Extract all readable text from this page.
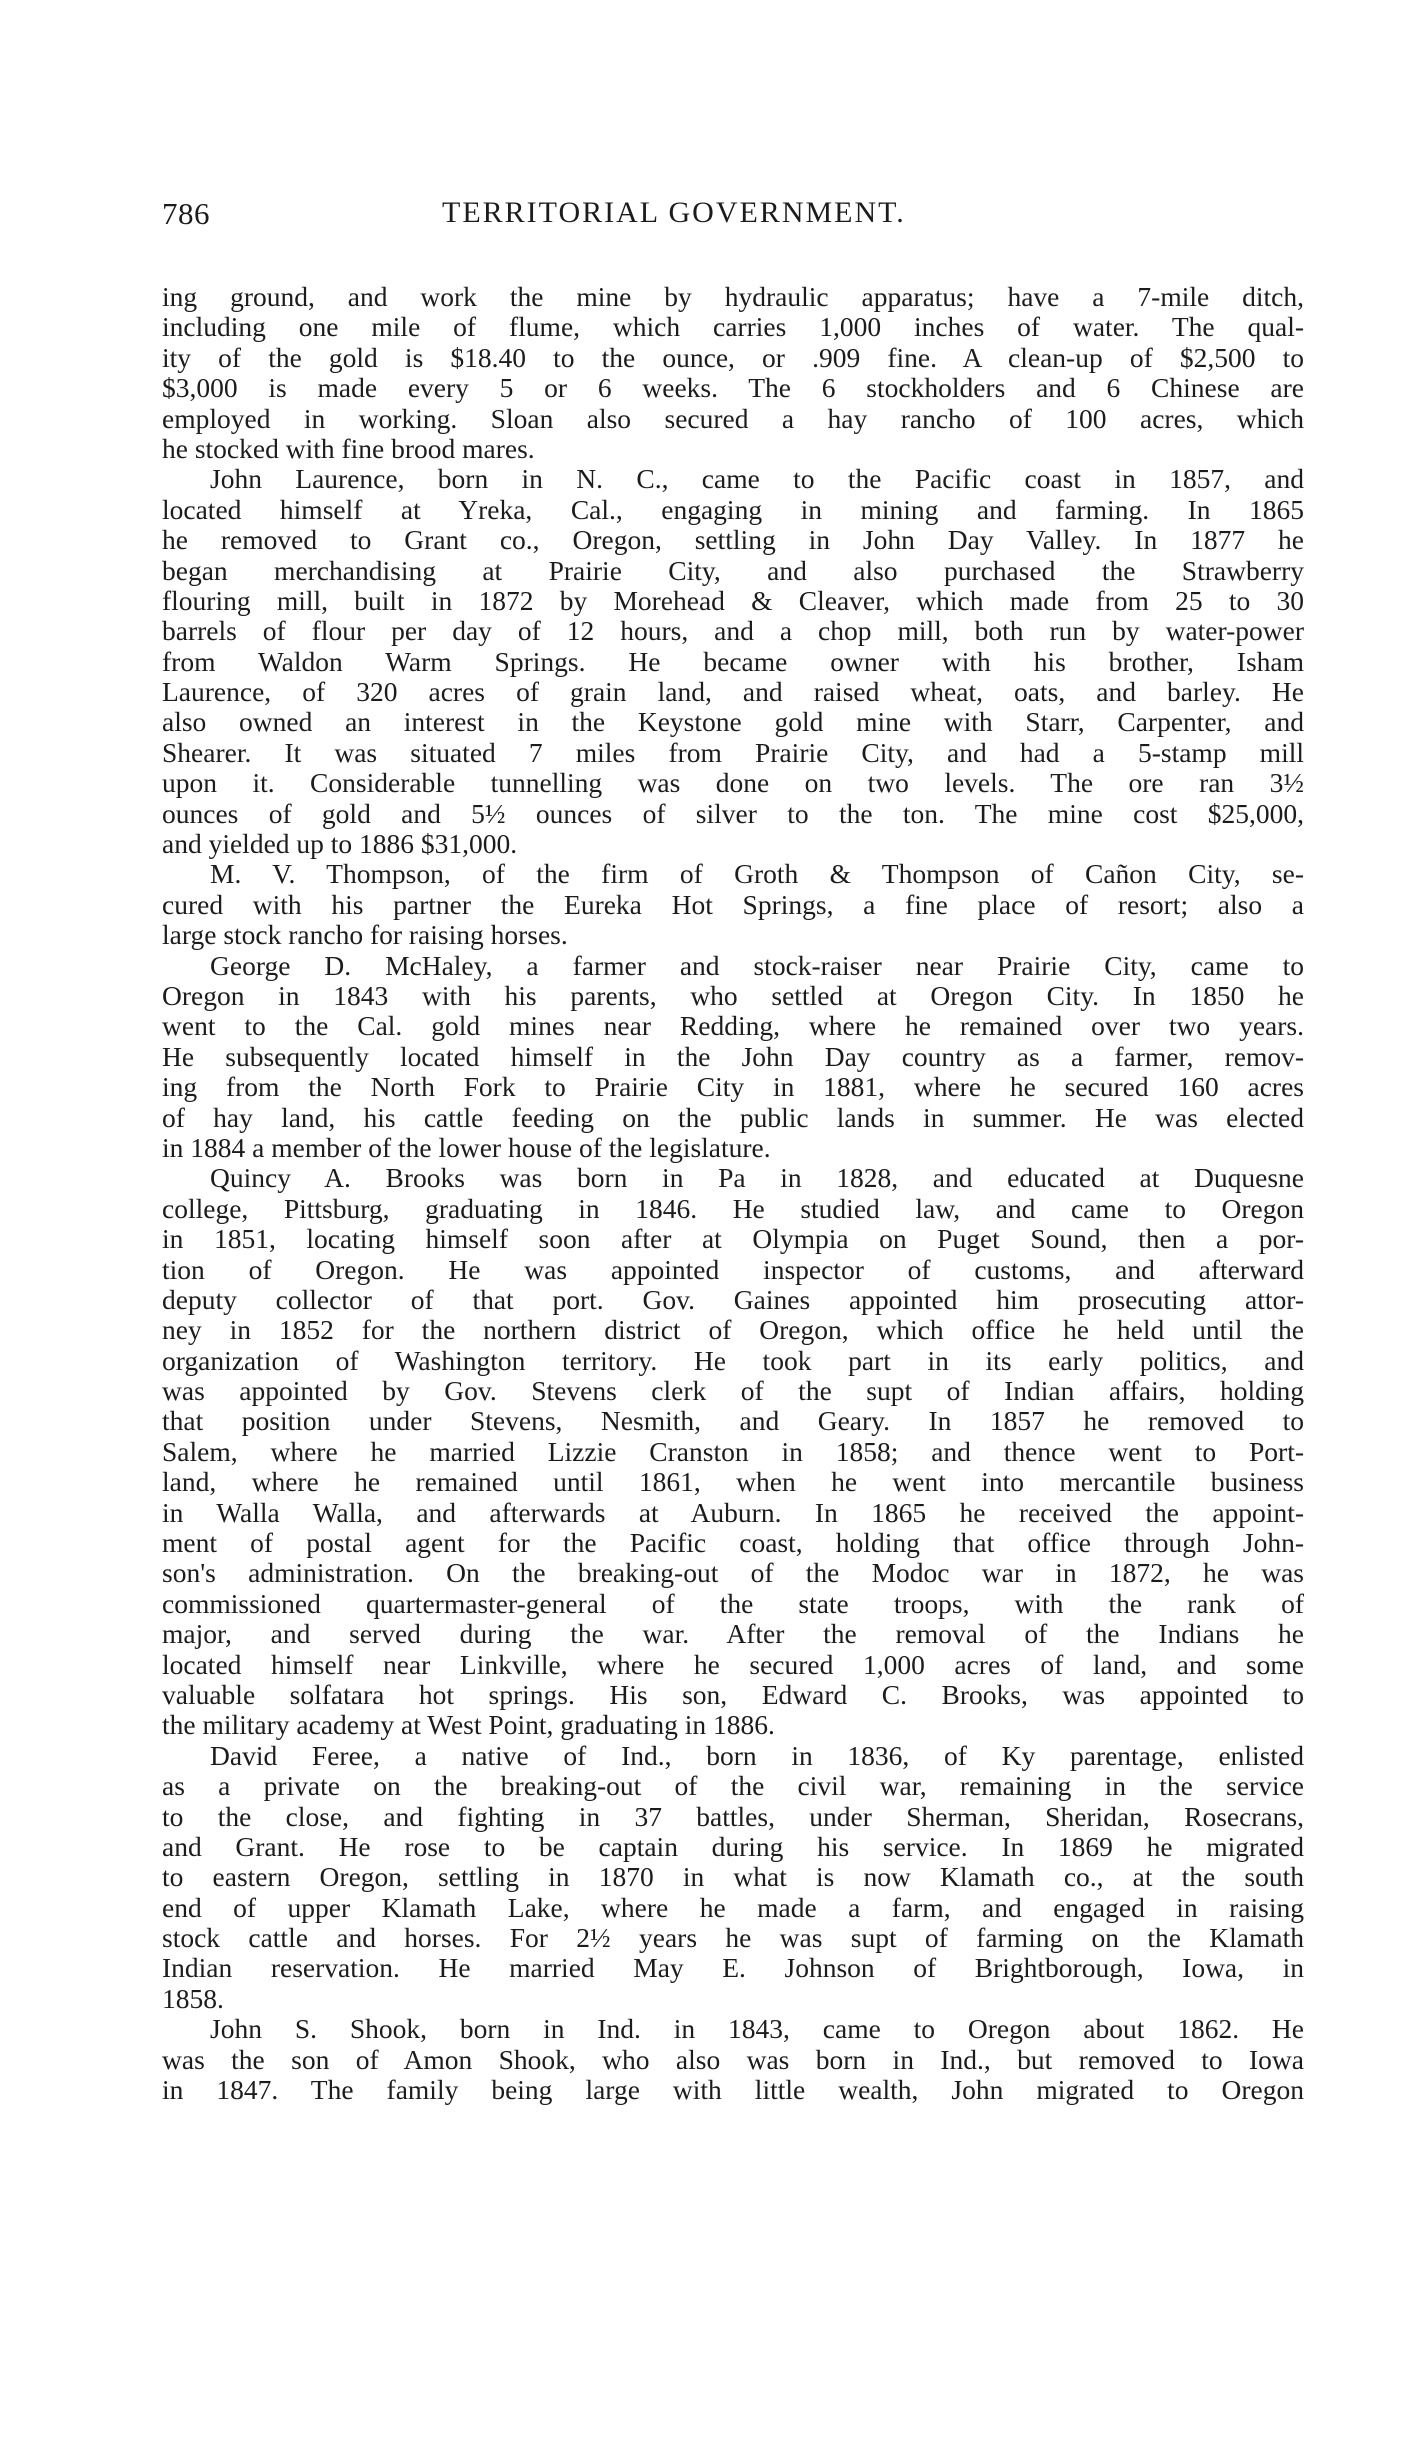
786	TERRITORIAL GOVERNMENT.
ing ground, and work the mine by hydraulic apparatus; have a 7-mile ditch,
including one mile of flume, which carries 1,000 inches of water. The qual-
ity of the gold is $18.40 to the ounce, or .909 fine. A clean-up of $2,500 to
$3,000 is made every 5 or 6 weeks. The 6 stockholders and 6 Chinese are
employed in working. Sloan also secured a hay rancho of 100 acres, which
he stocked with fine brood mares.
John Laurence, born in N. C., came to the Pacific coast in 1857, and
located himself at Yreka, Cal., engaging in mining and farming. In 1865
he removed to Grant co., Oregon, settling in John Day Valley. In 1877 he
began merchandising at Prairie City, and also purchased the Strawberry
flouring mill, built in 1872 by Morehead & Cleaver, which made from 25 to 30
barrels of flour per day of 12 hours, and a chop mill, both run by water-power
from Waldon Warm Springs. He became owner with his brother, Isham
Laurence, of 320 acres of grain land, and raised wheat, oats, and barley. He
also owned an interest in the Keystone gold mine with Starr, Carpenter, and
Shearer. It was situated 7 miles from Prairie City, and had a 5-stamp mill
upon it. Considerable tunnelling was done on two levels. The ore ran 3½
ounces of gold and 5½ ounces of silver to the ton. The mine cost $25,000,
and yielded up to 1886 $31,000.
M. V. Thompson, of the firm of Groth & Thompson of Cañon City, se-
cured with his partner the Eureka Hot Springs, a fine place of resort; also a
large stock rancho for raising horses.
George D. McHaley, a farmer and stock-raiser near Prairie City, came to
Oregon in 1843 with his parents, who settled at Oregon City. In 1850 he
went to the Cal. gold mines near Redding, where he remained over two years.
He subsequently located himself in the John Day country as a farmer, remov-
ing from the North Fork to Prairie City in 1881, where he secured 160 acres
of hay land, his cattle feeding on the public lands in summer. He was elected
in 1884 a member of the lower house of the legislature.
Quincy A. Brooks was born in Pa in 1828, and educated at Duquesne
college, Pittsburg, graduating in 1846. He studied law, and came to Oregon
in 1851, locating himself soon after at Olympia on Puget Sound, then a por-
tion of Oregon. He was appointed inspector of customs, and afterward
deputy collector of that port. Gov. Gaines appointed him prosecuting attor-
ney in 1852 for the northern district of Oregon, which office he held until the
organization of Washington territory. He took part in its early politics, and
was appointed by Gov. Stevens clerk of the supt of Indian affairs, holding
that position under Stevens, Nesmith, and Geary. In 1857 he removed to
Salem, where he married Lizzie Cranston in 1858; and thence went to Port-
land, where he remained until 1861, when he went into mercantile business
in Walla Walla, and afterwards at Auburn. In 1865 he received the appoint-
ment of postal agent for the Pacific coast, holding that office through John-
son's administration. On the breaking-out of the Modoc war in 1872, he was
commissioned quartermaster-general of the state troops, with the rank of
major, and served during the war. After the removal of the Indians he
located himself near Linkville, where he secured 1,000 acres of land, and some
valuable solfatara hot springs. His son, Edward C. Brooks, was appointed to
the military academy at West Point, graduating in 1886.
David Feree, a native of Ind., born in 1836, of Ky parentage, enlisted
as a private on the breaking-out of the civil war, remaining in the service
to the close, and fighting in 37 battles, under Sherman, Sheridan, Rosecrans,
and Grant. He rose to be captain during his service. In 1869 he migrated
to eastern Oregon, settling in 1870 in what is now Klamath co., at the south
end of upper Klamath Lake, where he made a farm, and engaged in raising
stock cattle and horses. For 2½ years he was supt of farming on the Klamath
Indian reservation. He married May E. Johnson of Brightborough, Iowa, in
1858.
John S. Shook, born in Ind. in 1843, came to Oregon about 1862. He
was the son of Amon Shook, who also was born in Ind., but removed to Iowa
in 1847. The family being large with little wealth, John migrated to Oregon
